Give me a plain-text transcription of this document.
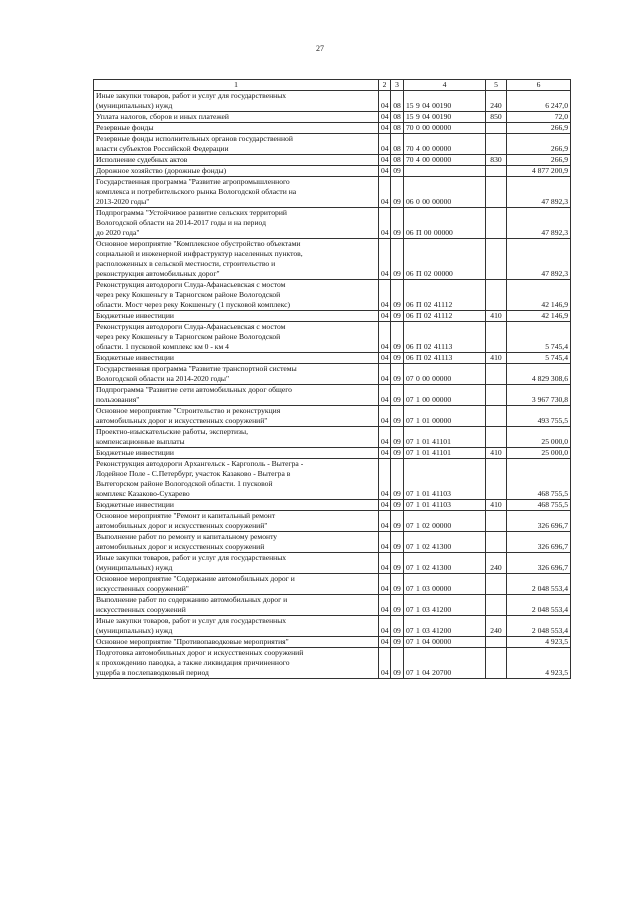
27
1	2	3	4	5	6
Иные закупки товаров, работ и услуг для государственных
(муниципальных) нужд	04	08	15 9 04 00190	240	6 247,0
Уплата налогов, сборов и иных платежей	04	08	15 9 04 00190	850	72,0
Резервные фонды	04	08	70 0 00 00000		266,9
Резервные фонды исполнительных органов государственной
власти субъектов Российской Федерации	04	08	70 4 00 00000		266,9
Исполнение судебных актов	04	08	70 4 00 00000	830	266,9
Дорожное хозяйство (дорожные фонды)	04	09			4 877 200,9
Государственная программа "Развитие агропромышленного
комплекса и потребительского рынка Вологодской области на
2013-2020 годы"	04	09	06 0 00 00000		47 892,3
Подпрограмма "Устойчивое развитие сельских территорий
Вологодской области на 2014-2017 годы и на период
до 2020 года"	04	09	06 П 00 00000		47 892,3
Основное мероприятие "Комплексное обустройство объектами
социальной и инженерной инфраструктур населенных пунктов,
расположенных в сельской местности, строительство и
реконструкция автомобильных дорог"	04	09	06 П 02 00000		47 892,3
Реконструкция автодороги Слуда-Афанасьевская с мостом
через реку Кокшеньгу в Тарногском районе Вологодской
области. Мост через реку Кокшеньгу (1 пусковой комплекс)	04	09	06 П 02 41112		42 146,9
Бюджетные инвестиции	04	09	06 П 02 41112	410	42 146,9
Реконструкция автодороги Слуда-Афанасьевская с мостом
через реку Кокшеньгу в Тарногском районе Вологодской
области. 1 пусковой комплекс км 0 - км 4	04	09	06 П 02 41113		5 745,4
Бюджетные инвестиции	04	09	06 П 02 41113	410	5 745,4
Государственная программа "Развитие транспортной системы
Вологодской области на 2014-2020 годы"	04	09	07 0 00 00000		4 829 308,6
Подпрограмма "Развитие сети автомобильных дорог общего
пользования"	04	09	07 1 00 00000		3 967 730,8
Основное мероприятие "Строительство и реконструкция
автомобильных дорог и искусственных сооружений"	04	09	07 1 01 00000		493 755,5
Проектно-изыскательские работы, экспертизы,
компенсационные выплаты	04	09	07 1 01 41101		25 000,0
Бюджетные инвестиции	04	09	07 1 01 41101	410	25 000,0
Реконструкция автодороги Архангельск - Каргополь - Вытегра -
Лодейное Поле - С.Петербург, участок Казаково - Вытегра в
Вытегорском районе Вологодской области. 1 пусковой
комплекс Казаково-Сухарево	04	09	07 1 01 41103		468 755,5
Бюджетные инвестиции	04	09	07 1 01 41103	410	468 755,5
Основное мероприятие "Ремонт и капитальный ремонт
автомобильных дорог и искусственных сооружений"	04	09	07 1 02 00000		326 696,7
Выполнение работ по ремонту и капитальному ремонту
автомобильных дорог и искусственных сооружений	04	09	07 1 02 41300		326 696,7
Иные закупки товаров, работ и услуг для государственных
(муниципальных) нужд	04	09	07 1 02 41300	240	326 696,7
Основное мероприятие "Содержание автомобильных дорог и
искусственных сооружений"	04	09	07 1 03 00000		2 048 553,4
Выполнение работ по содержанию автомобильных дорог и
искусственных сооружений	04	09	07 1 03 41200		2 048 553,4
Иные закупки товаров, работ и услуг для государственных
(муниципальных) нужд	04	09	07 1 03 41200	240	2 048 553,4
Основное мероприятие "Противопаводковые мероприятия"	04	09	07 1 04 00000		4 923,5
Подготовка автомобильных дорог и искусственных сооружений
к прохождению паводка, а также ликвидация причиненного
ущерба в послепаводковый период	04	09	07 1 04 20700		4 923,5
